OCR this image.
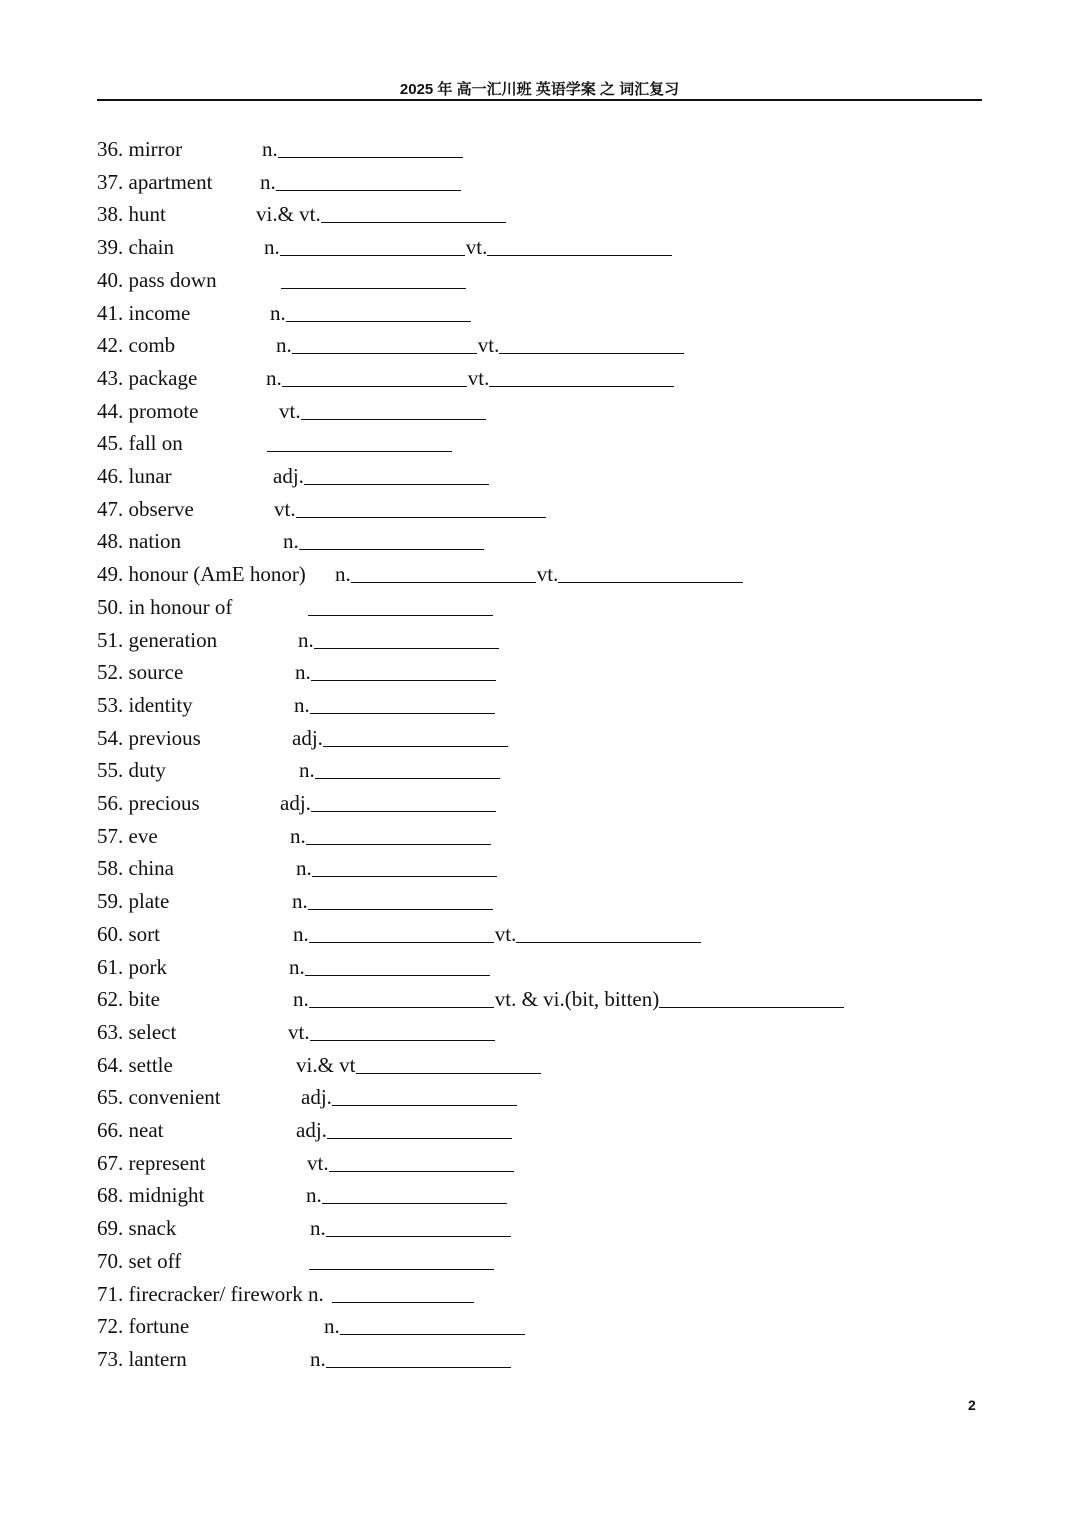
2025 年 高一汇川班 英语学案 之 词汇复习
36. mirror	n.
37. apartment n.
38. hunt	vi.& vt.
39. chain	n.	vt.
40. pass down
41. income	n.
42. comb	n.	vt.
43. package	n.	vt.
44. promote	vt.
45. fall on
46. lunar	adj.
47. observe	vt.
48. nation	n.
49. honour (AmE honor) n.	vt.
50. in honour of
51. generation	n.
52. source	n.
53. identity	n.
54. previous	adj.
55. duty	n.
56. precious	adj.
57. eve	n.
58. china	n.
59. plate	n.
60. sort	n.	vt.
61. pork	n.
62. bite	n.	vt. & vi.(bit, bitten)
63. select	vt.
64. settle	vi.& vt
65. convenient	adj.
66. neat	adj.
67. represent	vt.
68. midnight	n.
69. snack	n.
70. set off
71. firecracker/ firework n.
72. fortune	n.
73. lantern	n.
2
